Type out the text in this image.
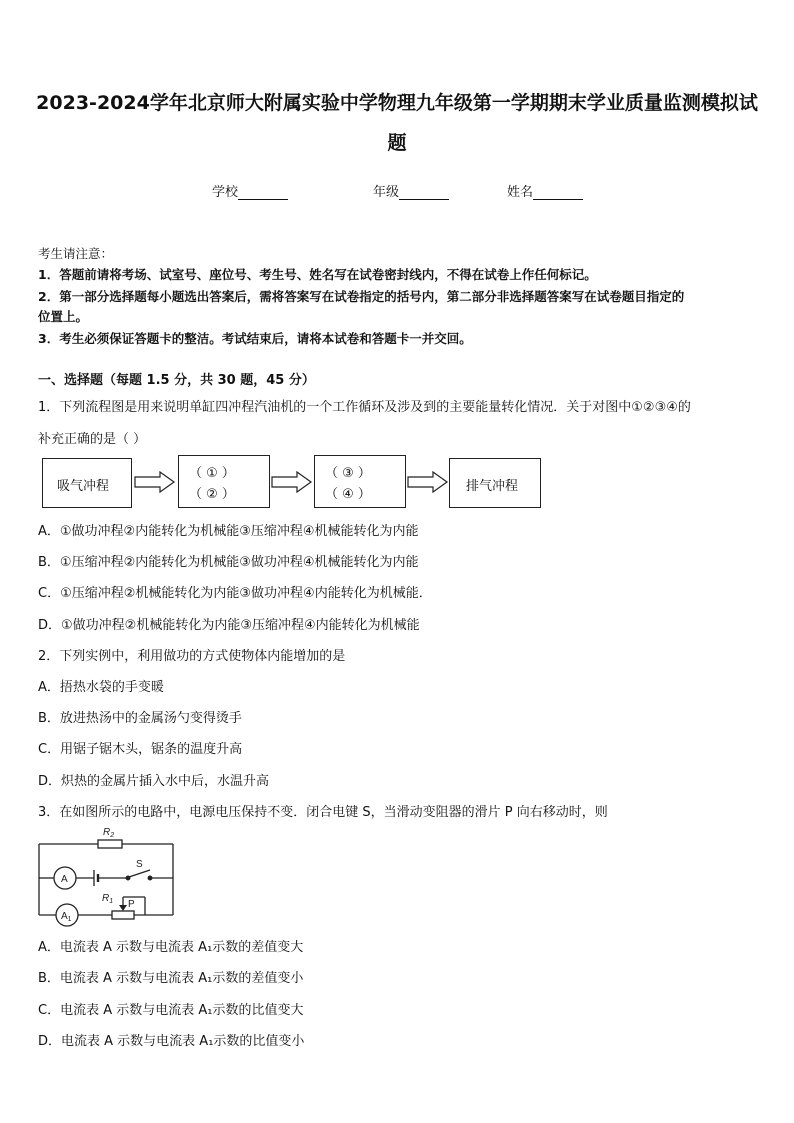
2023-2024学年北京师大附属实验中学物理九年级第一学期期末学业质量监测模拟试
题
学校	年级	姓名
考生请注意：
1．答题前请将考场、试室号、座位号、考生号、姓名写在试卷密封线内，不得在试卷上作任何标记。
2．第一部分选择题每小题选出答案后，需将答案写在试卷指定的括号内，第二部分非选择题答案写在试卷题目指定的
位置上。
3．考生必须保证答题卡的整洁。考试结束后，请将本试卷和答题卡一并交回。
一、选择题（每题 1.5 分，共 30 题，45 分）
1．下列流程图是用来说明单缸四冲程汽油机的一个工作循环及涉及到的主要能量转化情况．关于对图中①②③④的
补充正确的是（ ）
吸气冲程
（ ① ）
（ ② ）
（ ③ ）
（ ④ ）
排气冲程
A．①做功冲程②内能转化为机械能③压缩冲程④机械能转化为内能
B．①压缩冲程②内能转化为机械能③做功冲程④机械能转化为内能
C．①压缩冲程②机械能转化为内能③做功冲程④内能转化为机械能．
D．①做功冲程②机械能转化为内能③压缩冲程④内能转化为机械能
2．下列实例中，利用做功的方式使物体内能增加的是
A．捂热水袋的手变暖
B．放进热汤中的金属汤勺变得烫手
C．用锯子锯木头，锯条的温度升高
D．炽热的金属片插入水中后，水温升高
3．在如图所示的电路中，电源电压保持不变．闭合电键 S，当滑动变阻器的滑片 P 向右移动时，则
$R_2$
S
A
$A_1$
$R_1$ P
A．电流表 A 示数与电流表 A₁示数的差值变大
B．电流表 A 示数与电流表 A₁示数的差值变小
C．电流表 A 示数与电流表 A₁示数的比值变大
D．电流表 A 示数与电流表 A₁示数的比值变小
